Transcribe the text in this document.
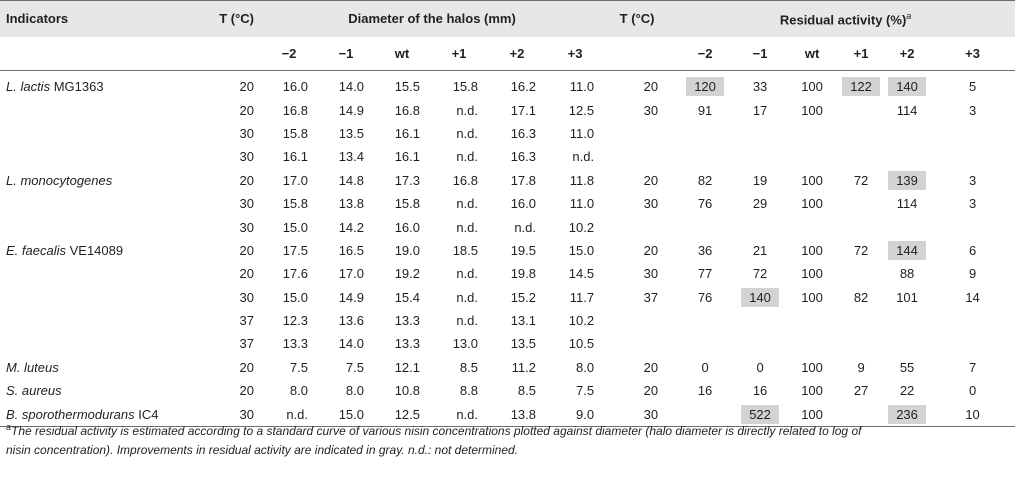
Indicators	T (°C)	Diameter of the halos (mm)						T (°C)	Residual activity (%)$^a$
		−2	−1	wt	+1	+2	+3		−2	−1	wt	+1	+2	+3
L. lactis MG1363	20	16.0	14.0	15.5	15.8	16.2	11.0	20	120	33	100	122	140	5
	20	16.8	14.9	16.8	n.d.	17.1	12.5	30	91	17	100		114	3
	30	15.8	13.5	16.1	n.d.	16.3	11.0							
	30	16.1	13.4	16.1	n.d.	16.3	n.d.							
L. monocytogenes	20	17.0	14.8	17.3	16.8	17.8	11.8	20	82	19	100	72	139	3
	30	15.8	13.8	15.8	n.d.	16.0	11.0	30	76	29	100		114	3
	30	15.0	14.2	16.0	n.d.	n.d.	10.2							
E. faecalis VE14089	20	17.5	16.5	19.0	18.5	19.5	15.0	20	36	21	100	72	144	6
	20	17.6	17.0	19.2	n.d.	19.8	14.5	30	77	72	100		88	9
	30	15.0	14.9	15.4	n.d.	15.2	11.7	37	76	140	100	82	101	14
	37	12.3	13.6	13.3	n.d.	13.1	10.2							
	37	13.3	14.0	13.3	13.0	13.5	10.5							
M. luteus	20	7.5	7.5	12.1	8.5	11.2	8.0	20	0	0	100	9	55	7
S. aureus	20	8.0	8.0	10.8	8.8	8.5	7.5	20	16	16	100	27	22	0
B. sporothermodurans IC4	30	n.d.	15.0	12.5	n.d.	13.8	9.0	30		522	100		236	10
$^a$The residual activity is estimated according to a standard curve of various nisin concentrations plotted against diameter (halo diameter is directly related to log of
nisin concentration). Improvements in residual activity are indicated in gray. n.d.: not determined.
